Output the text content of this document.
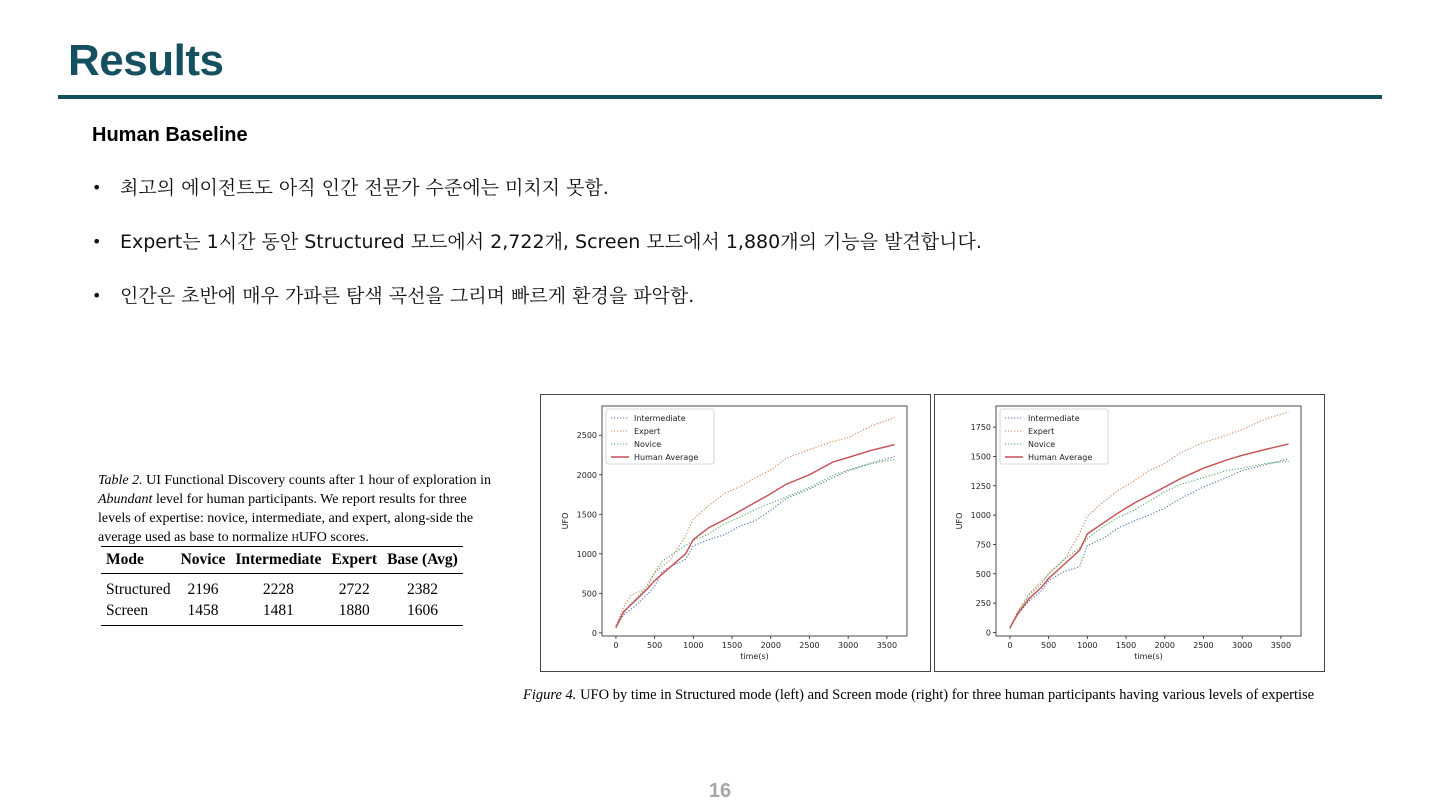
Results
Human Baseline
• 최고의 에이전트도 아직 인간 전문가 수준에는 미치지 못함.
• Expert는 1시간 동안 Structured 모드에서 2,722개, Screen 모드에서 1,880개의 기능을 발견합니다.
• 인간은 초반에 매우 가파른 탐색 곡선을 그리며 빠르게 환경을 파악함.
Table 2. UI Functional Discovery counts after 1 hour of exploration in Abundant level for human participants. We report results for three levels of expertise: novice, intermediate, and expert, along-side the average used as base to normalize hUFO scores.
Mode	Novice	Intermediate	Expert	Base (Avg)
Structured	2196	2228	2722	2382
Screen	1458	1481	1880	1606
0	500	1000 1500 2000 2500 3000 3500
0
500
1000
1500
2000
2500
time(s)
UFO
Intermediate
Expert
Novice
Human Average
0	500	1000 1500 2000 2500 3000 3500
0
250
500
750
1000
1250
1500
1750
time(s)
UFO
Intermediate
Expert
Novice
Human Average
Figure 4. UFO by time in Structured mode (left) and Screen mode (right) for three human participants having various levels of expertise
16
